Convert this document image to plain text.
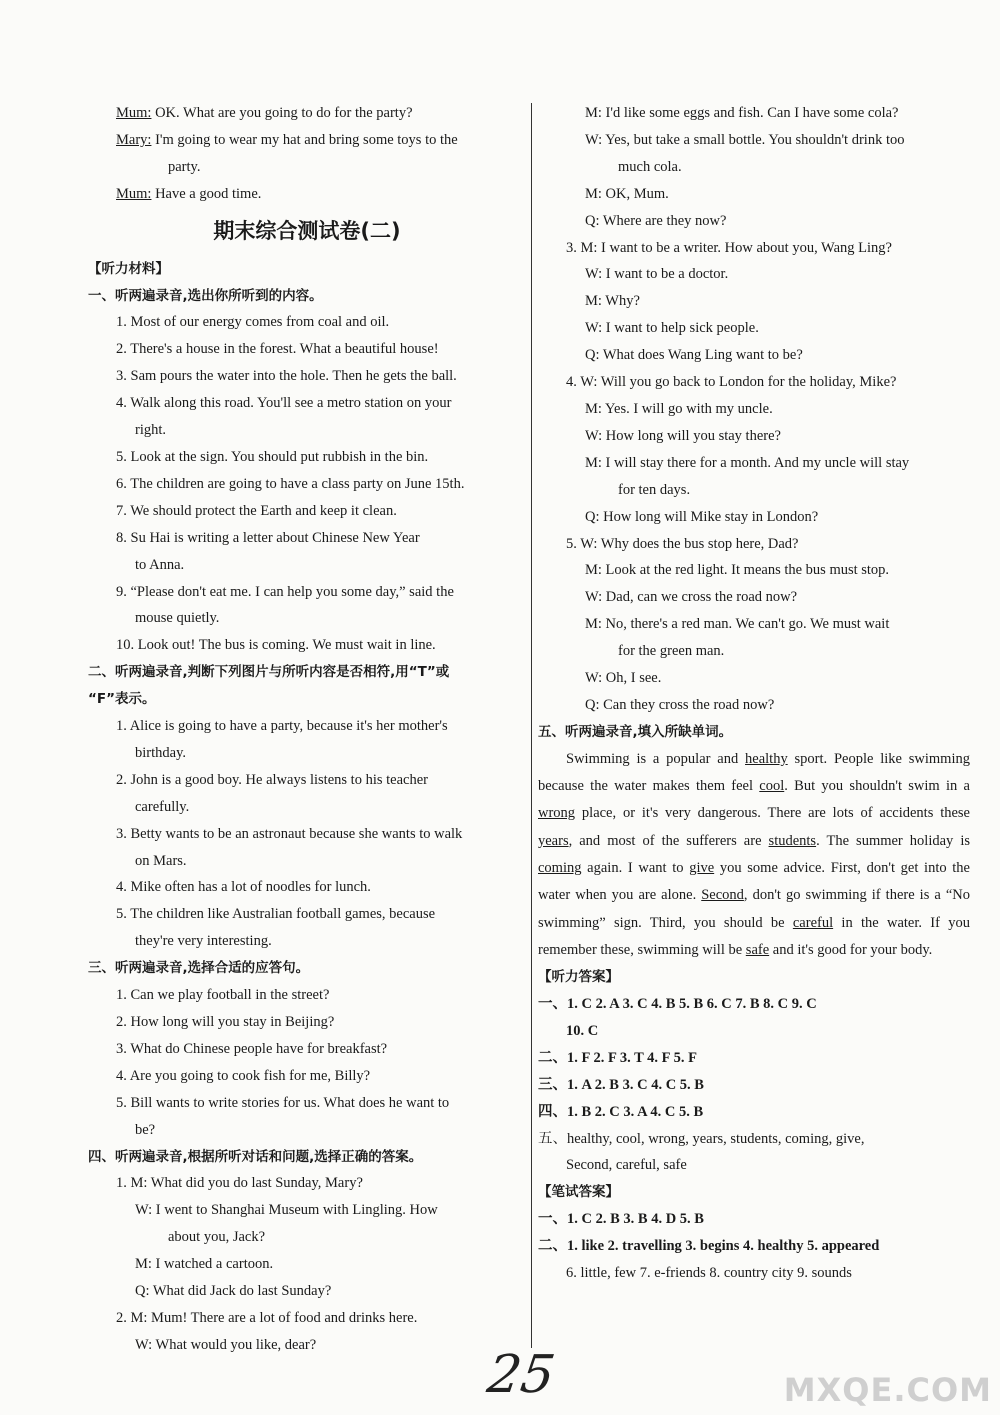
Mum: OK. What are you going to do for the party?
Mary: I'm going to wear my hat and bring some toys to the
party.
Mum: Have a good time.
期末综合测试卷(二)
【听力材料】
一、听两遍录音,选出你所听到的内容。
1. Most of our energy comes from coal and oil.
2. There's a house in the forest. What a beautiful house!
3. Sam pours the water into the hole. Then he gets the ball.
4. Walk along this road. You'll see a metro station on your
right.
5. Look at the sign. You should put rubbish in the bin.
6. The children are going to have a class party on June 15th.
7. We should protect the Earth and keep it clean.
8. Su Hai is writing a letter about Chinese New Year
to Anna.
9. “Please don't eat me. I can help you some day,” said the
mouse quietly.
10. Look out! The bus is coming. We must wait in line.
二、听两遍录音,判断下列图片与所听内容是否相符,用“T”或
“F”表示。
1. Alice is going to have a party, because it's her mother's
birthday.
2. John is a good boy. He always listens to his teacher
carefully.
3. Betty wants to be an astronaut because she wants to walk
on Mars.
4. Mike often has a lot of noodles for lunch.
5. The children like Australian football games, because
they're very interesting.
三、听两遍录音,选择合适的应答句。
1. Can we play football in the street?
2. How long will you stay in Beijing?
3. What do Chinese people have for breakfast?
4. Are you going to cook fish for me, Billy?
5. Bill wants to write stories for us. What does he want to
be?
四、听两遍录音,根据所听对话和问题,选择正确的答案。
1. M: What did you do last Sunday, Mary?
W: I went to Shanghai Museum with Lingling. How
about you, Jack?
M: I watched a cartoon.
Q: What did Jack do last Sunday?
2. M: Mum! There are a lot of food and drinks here.
W: What would you like, dear?
M: I'd like some eggs and fish. Can I have some cola?
W: Yes, but take a small bottle. You shouldn't drink too
much cola.
M: OK, Mum.
Q: Where are they now?
3. M: I want to be a writer. How about you, Wang Ling?
W: I want to be a doctor.
M: Why?
W: I want to help sick people.
Q: What does Wang Ling want to be?
4. W: Will you go back to London for the holiday, Mike?
M: Yes. I will go with my uncle.
W: How long will you stay there?
M: I will stay there for a month. And my uncle will stay
for ten days.
Q: How long will Mike stay in London?
5. W: Why does the bus stop here, Dad?
M: Look at the red light. It means the bus must stop.
W: Dad, can we cross the road now?
M: No, there's a red man. We can't go. We must wait
for the green man.
W: Oh, I see.
Q: Can they cross the road now?
五、听两遍录音,填入所缺单词。
Swimming is a popular and healthy sport. People like swimming because the water makes them feel cool. But you shouldn't swim in a wrong place, or it's very dangerous. There are lots of accidents these years, and most of the sufferers are students. The summer holiday is coming again. I want to give you some advice. First, don't get into the water when you are alone. Second, don't go swimming if there is a “No swimming” sign. Third, you should be careful in the water. If you remember these, swimming will be safe and it's good for your body.
【听力答案】
一、1. C 2. A 3. C 4. B 5. B 6. C 7. B 8. C 9. C
10. C
二、1. F 2. F 3. T 4. F 5. F
三、1. A 2. B 3. C 4. C 5. B
四、1. B 2. C 3. A 4. C 5. B
五、healthy, cool, wrong, years, students, coming, give,
Second, careful, safe
【笔试答案】
一、1. C 2. B 3. B 4. D 5. B
二、1. like 2. travelling 3. begins 4. healthy 5. appeared
6. little, few 7. e-friends 8. country city 9. sounds
25	MXQE.COM
